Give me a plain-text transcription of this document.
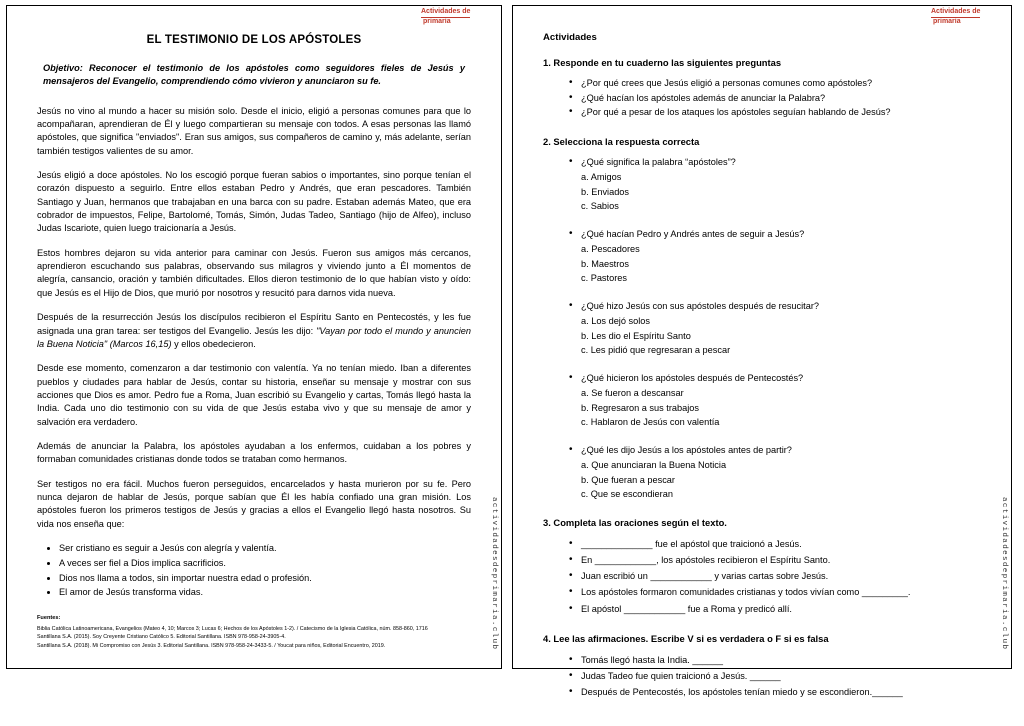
Actividades de
primaria
actividadesdeprimaria.club
EL TESTIMONIO DE LOS APÓSTOLES
Objetivo: Reconocer el testimonio de los apóstoles como seguidores fieles de Jesús y mensajeros del Evangelio, comprendiendo cómo vivieron y anunciaron su fe.

Jesús no vino al mundo a hacer su misión solo. Desde el inicio, eligió a personas comunes para que lo acompañaran, aprendieran de Él y luego compartieran su mensaje con todos. A esas personas las llamó apóstoles, que significa "enviados". Eran sus amigos, sus compañeros de camino y, más adelante, serían también testigos valientes de su amor.

Jesús eligió a doce apóstoles. No los escogió porque fueran sabios o importantes, sino porque tenían el corazón dispuesto a seguirlo. Entre ellos estaban Pedro y Andrés, que eran pescadores. También Santiago y Juan, hermanos que trabajaban en una barca con su padre. Estaban además Mateo, que era cobrador de impuestos, Felipe, Bartolomé, Tomás, Simón, Judas Tadeo, Santiago (hijo de Alfeo), incluso Judas Iscariote, quien luego traicionaría a Jesús.

Estos hombres dejaron su vida anterior para caminar con Jesús. Fueron sus amigos más cercanos, aprendieron escuchando sus palabras, observando sus milagros y viviendo junto a Él momentos de alegría, cansancio, oración y también dificultades. Ellos dieron testimonio de lo que habían visto y oído: que Jesús es el Hijo de Dios, que murió por nosotros y resucitó para darnos vida nueva.

Después de la resurrección Jesús los discípulos recibieron el Espíritu Santo en Pentecostés, y les fue asignada una gran tarea: ser testigos del Evangelio. Jesús les dijo: "Vayan por todo el mundo y anuncien la Buena Noticia" (Marcos 16,15) y ellos obedecieron.

Desde ese momento, comenzaron a dar testimonio con valentía. Ya no tenían miedo. Iban a diferentes pueblos y ciudades para hablar de Jesús, contar su historia, enseñar su mensaje y mostrar con sus acciones que Dios es amor. Pedro fue a Roma, Juan escribió su Evangelio y cartas, Tomás llegó hasta la India. Cada uno dio testimonio con su vida de que Jesús estaba vivo y que su mensaje de amor y salvación era verdadero.

Además de anunciar la Palabra, los apóstoles ayudaban a los enfermos, cuidaban a los pobres y formaban comunidades cristianas donde todos se trataban como hermanos.

Ser testigos no era fácil. Muchos fueron perseguidos, encarcelados y hasta murieron por su fe. Pero nunca dejaron de hablar de Jesús, porque sabían que Él les había confiado una gran misión. Los apóstoles fueron los primeros testigos de Jesús y gracias a ellos el Evangelio llegó hasta nosotros. Su vida nos enseña que:

• Ser cristiano es seguir a Jesús con alegría y valentía.
• A veces ser fiel a Dios implica sacrificios.
• Dios nos llama a todos, sin importar nuestra edad o profesión.
• El amor de Jesús transforma vidas.
Fuentes:
Biblia Católica Latinoamericana, Evangelios (Mateo 4, 10; Marcos 3; Lucas 6; Hechos de los Apóstoles 1-2). / Catecismo de la Iglesia Católica, núm. 858-860, 1716
Santillana S.A. (2015). Soy Creyente Cristiano Católico 5. Editorial Santillana. ISBN 978-958-24-3905-4.
Santillana S.A. (2018). Mi Compromiso con Jesús 3. Editorial Santillana. ISBN 978-958-24-3433-5. / Youcat para niños, Editorial Encuentro, 2019.
Actividades de
primaria
actividadesdeprimaria.club
Actividades
1. Responde en tu cuaderno las siguientes preguntas
• ¿Por qué crees que Jesús eligió a personas comunes como apóstoles?
• ¿Qué hacían los apóstoles además de anunciar la Palabra?
• ¿Por qué a pesar de los ataques los apóstoles seguían hablando de Jesús?
2. Selecciona la respuesta correcta
• ¿Qué significa la palabra “apóstoles”?
a. Amigos
b. Enviados
c. Sabios
• ¿Qué hacían Pedro y Andrés antes de seguir a Jesús?
a. Pescadores
b. Maestros
c. Pastores
• ¿Qué hizo Jesús con sus apóstoles después de resucitar?
a. Los dejó solos
b. Les dio el Espíritu Santo
c. Les pidió que regresaran a pescar
• ¿Qué hicieron los apóstoles después de Pentecostés?
a. Se fueron a descansar
b. Regresaron a sus trabajos
c. Hablaron de Jesús con valentía
• ¿Qué les dijo Jesús a los apóstoles antes de partir?
a. Que anunciaran la Buena Noticia
b. Que fueran a pescar
c. Que se escondieran
3. Completa las oraciones según el texto.
• ______________ fue el apóstol que traicionó a Jesús.
• En ____________, los apóstoles recibieron el Espíritu Santo.
• Juan escribió un ____________ y varias cartas sobre Jesús.
• Los apóstoles formaron comunidades cristianas y todos vivían como _________.
• El apóstol ____________ fue a Roma y predicó allí.
4. Lee las afirmaciones. Escribe V si es verdadera o F si es falsa
• Tomás llegó hasta la India. ______
• Judas Tadeo fue quien traicionó a Jesús. ______
• Después de Pentecostés, los apóstoles tenían miedo y se escondieron.______
